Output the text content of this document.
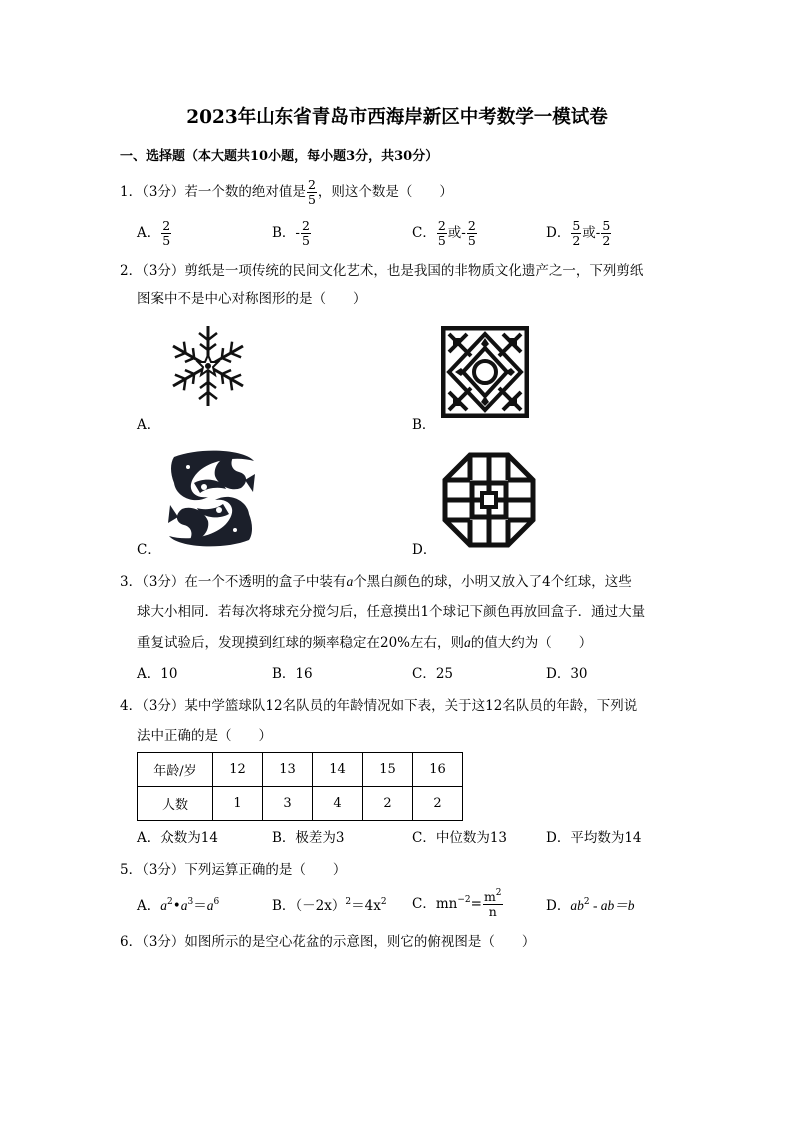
2023年山东省青岛市西海岸新区中考数学一模试卷
一、选择题（本大题共10小题，每小题3分，共30分）
1．（3分）若一个数的绝对值是 $\frac{2}{5}$ ，则这个数是（　　）
A． $\frac{2}{5}$	B．- $\frac{2}{5}$	C． $\frac{2}{5}$ 或- $\frac{2}{5}$	D． $\frac{5}{2}$ 或- $\frac{5}{2}$
2．（3分）剪纸是一项传统的民间文化艺术，也是我国的非物质文化遗产之一，下列剪纸
图案中不是中心对称图形的是（　　）
A．	B．
C．	D．
3．（3分）在一个不透明的盒子中装有a个黑白颜色的球，小明又放入了4个红球，这些
球大小相同．若每次将球充分搅匀后，任意摸出1个球记下颜色再放回盒子．通过大量
重复试验后，发现摸到红球的频率稳定在20%左右，则a的值大约为（　　）
A．10	B．16	C．25	D．30
4．（3分）某中学篮球队12名队员的年龄情况如下表，关于这12名队员的年龄，下列说
法中正确的是（　　）
年龄/岁	12	13	14	15	16
人数	1	3	4	2	2
A．众数为14	B．极差为3	C．中位数为13	D．平均数为14
5．（3分）下列运算正确的是（　　）
A．$a^2•a^3=a^6$	B．$(-2x)^2=4x^2$ C．$mn^{-2}= \frac{m^2}{n}$	D．$ab^2 - ab=b$
6．（3分）如图所示的是空心花盆的示意图，则它的俯视图是（　　）
